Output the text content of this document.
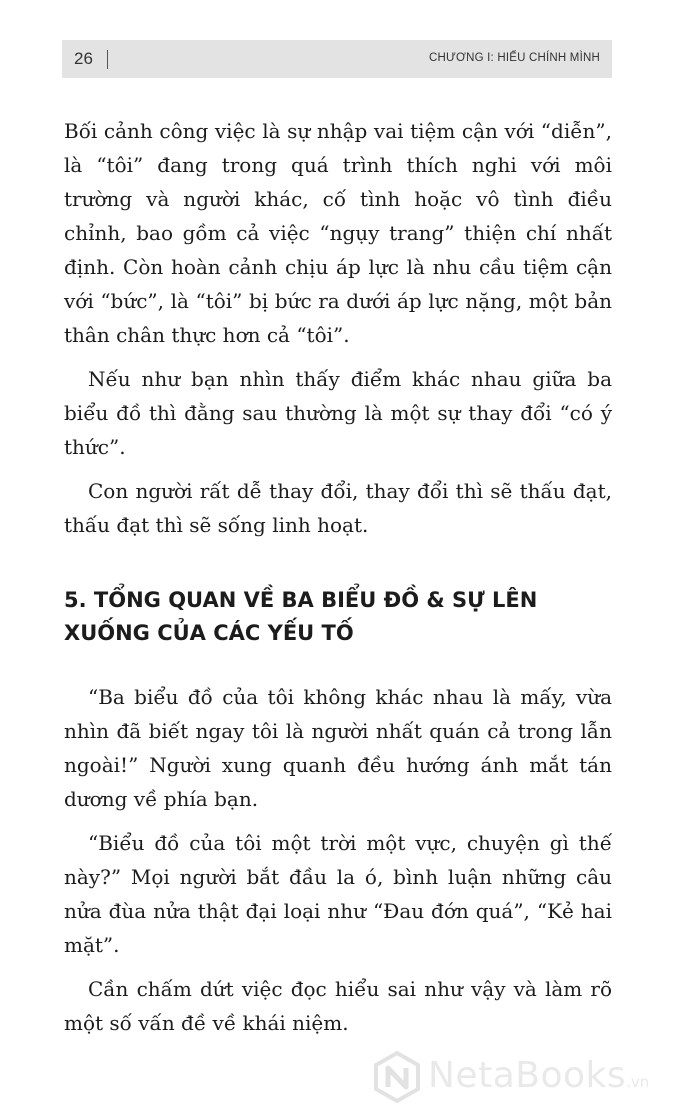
26	CHƯƠNG I: HIỂU CHÍNH MÌNH

Bối cảnh công việc là sự nhập vai tiệm cận với “diễn”, là “tôi” đang trong quá trình thích nghi với môi trường và người khác, cố tình hoặc vô tình điều chỉnh, bao gồm cả việc “ngụy trang” thiện chí nhất định. Còn hoàn cảnh chịu áp lực là nhu cầu tiệm cận với “bức”, là “tôi” bị bức ra dưới áp lực nặng, một bản thân chân thực hơn cả “tôi”.

Nếu như bạn nhìn thấy điểm khác nhau giữa ba biểu đồ thì đằng sau thường là một sự thay đổi “có ý thức”.

Con người rất dễ thay đổi, thay đổi thì sẽ thấu đạt, thấu đạt thì sẽ sống linh hoạt.

5. TỔNG QUAN VỀ BA BIỂU ĐỒ & SỰ LÊN XUỐNG CỦA CÁC YẾU TỐ

“Ba biểu đồ của tôi không khác nhau là mấy, vừa nhìn đã biết ngay tôi là người nhất quán cả trong lẫn ngoài!” Người xung quanh đều hướng ánh mắt tán dương về phía bạn.

“Biểu đồ của tôi một trời một vực, chuyện gì thế này?” Mọi người bắt đầu la ó, bình luận những câu nửa đùa nửa thật đại loại như “Đau đớn quá”, “Kẻ hai mặt”.

Cần chấm dứt việc đọc hiểu sai như vậy và làm rõ một số vấn đề về khái niệm.

NetaBooks.vn
